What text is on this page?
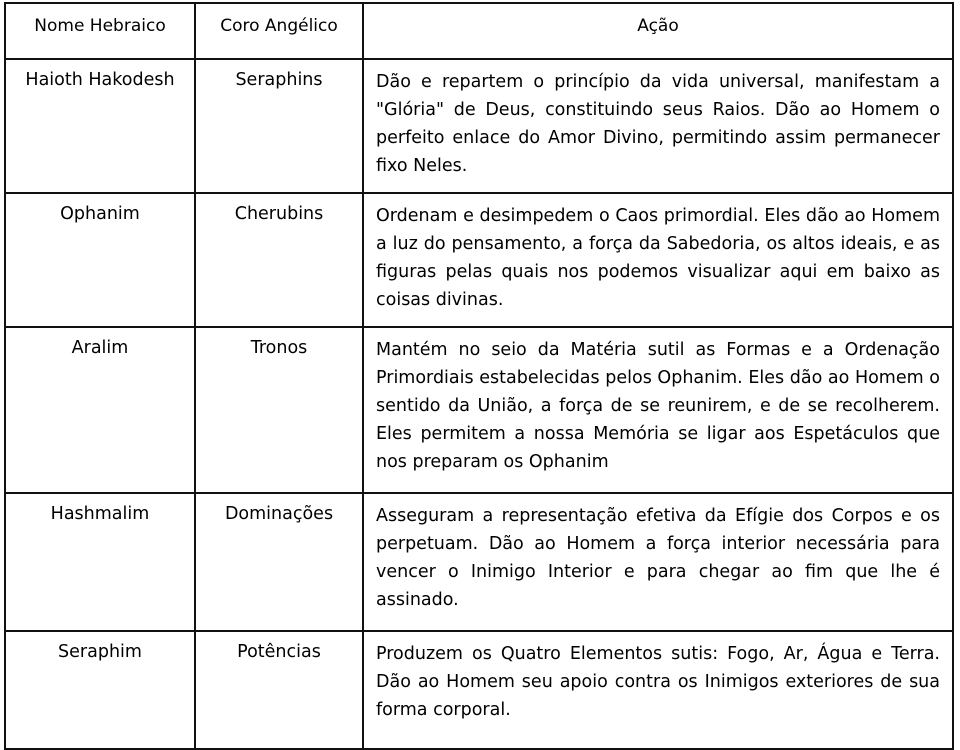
Nome Hebraico	Coro Angélico	Ação
Haioth Hakodesh	Seraphins	Dão e repartem o princípio da vida universal, manifestam a "Glória" de Deus, constituindo seus Raios. Dão ao Homem o perfeito enlace do Amor Divino, permitindo assim permanecer fixo Neles.
Ophanim	Cherubins	Ordenam e desimpedem o Caos primordial. Eles dão ao Homem a luz do pensamento, a força da Sabedoria, os altos ideais, e as figuras pelas quais nos podemos visualizar aqui em baixo as coisas divinas.
Aralim	Tronos	Mantém no seio da Matéria sutil as Formas e a Ordenação Primordiais estabelecidas pelos Ophanim. Eles dão ao Homem o sentido da União, a força de se reunirem, e de se recolherem. Eles permitem a nossa Memória se ligar aos Espetáculos que nos preparam os Ophanim
Hashmalim	Dominações	Asseguram a representação efetiva da Efígie dos Corpos e os perpetuam. Dão ao Homem a força interior necessária para vencer o Inimigo Interior e para chegar ao fim que lhe é assinado.
Seraphim	Potências	Produzem os Quatro Elementos sutis: Fogo, Ar, Água e Terra. Dão ao Homem seu apoio contra os Inimigos exteriores de sua forma corporal.
